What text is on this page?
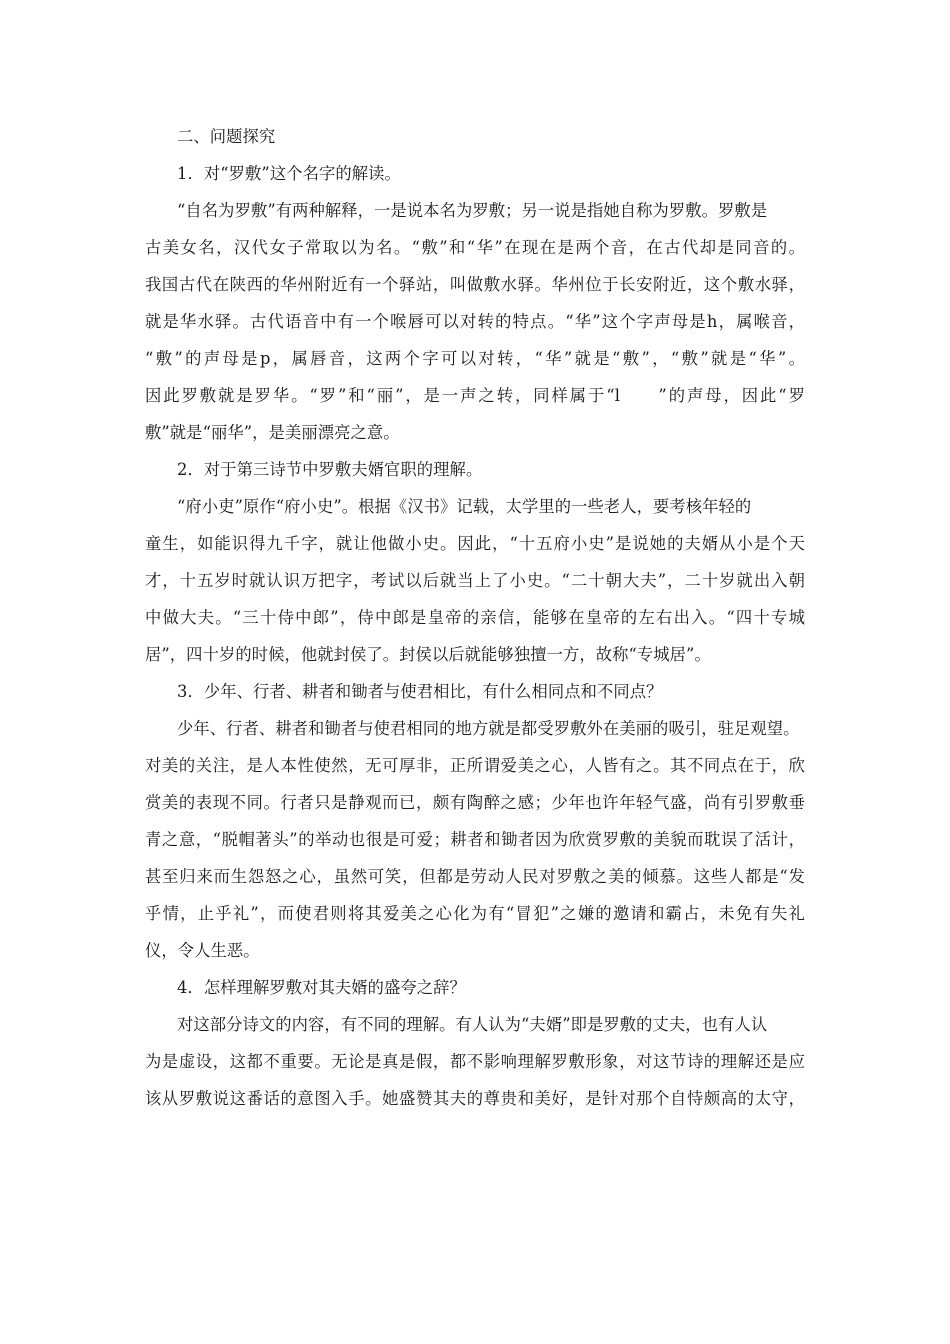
二、问题探究
1．对“罗敷”这个名字的解读。
“自名为罗敷”有两种解释，一是说本名为罗敷；另一说是指她自称为罗敷。罗敷是
古美女名，汉代女子常取以为名。“敷”和“华”在现在是两个音，在古代却是同音的。
我国古代在陕西的华州附近有一个驿站，叫做敷水驿。华州位于长安附近，这个敷水驿，
就是华水驿。古代语音中有一个喉唇可以对转的特点。“华”这个字声母是h，属喉音，
“敷”的声母是p，属唇音，这两个字可以对转，“华”就是“敷”，“敷”就是“华”。
因此罗敷就是罗华。“罗”和“丽”，是一声之转，同样属于“l　　”的声母，因此“罗
敷”就是“丽华”，是美丽漂亮之意。
2．对于第三诗节中罗敷夫婿官职的理解。
“府小吏”原作“府小史”。根据《汉书》记载，太学里的一些老人，要考核年轻的
童生，如能识得九千字，就让他做小史。因此，“十五府小史”是说她的夫婿从小是个天
才，十五岁时就认识万把字，考试以后就当上了小史。“二十朝大夫”，二十岁就出入朝
中做大夫。“三十侍中郎”，侍中郎是皇帝的亲信，能够在皇帝的左右出入。“四十专城
居”，四十岁的时候，他就封侯了。封侯以后就能够独擅一方，故称“专城居”。
3．少年、行者、耕者和锄者与使君相比，有什么相同点和不同点？
少年、行者、耕者和锄者与使君相同的地方就是都受罗敷外在美丽的吸引，驻足观望。
对美的关注，是人本性使然，无可厚非，正所谓爱美之心，人皆有之。其不同点在于，欣
赏美的表现不同。行者只是静观而已，颇有陶醉之感；少年也许年轻气盛，尚有引罗敷垂
青之意，“脱帽著头”的举动也很是可爱；耕者和锄者因为欣赏罗敷的美貌而耽误了活计，
甚至归来而生怨怒之心，虽然可笑，但都是劳动人民对罗敷之美的倾慕。这些人都是“发
乎情，止乎礼”，而使君则将其爱美之心化为有“冒犯”之嫌的邀请和霸占，未免有失礼
仪，令人生恶。
4．怎样理解罗敷对其夫婿的盛夸之辞？
对这部分诗文的内容，有不同的理解。有人认为“夫婿”即是罗敷的丈夫，也有人认
为是虚设，这都不重要。无论是真是假，都不影响理解罗敷形象，对这节诗的理解还是应
该从罗敷说这番话的意图入手。她盛赞其夫的尊贵和美好，是针对那个自恃颇高的太守，
